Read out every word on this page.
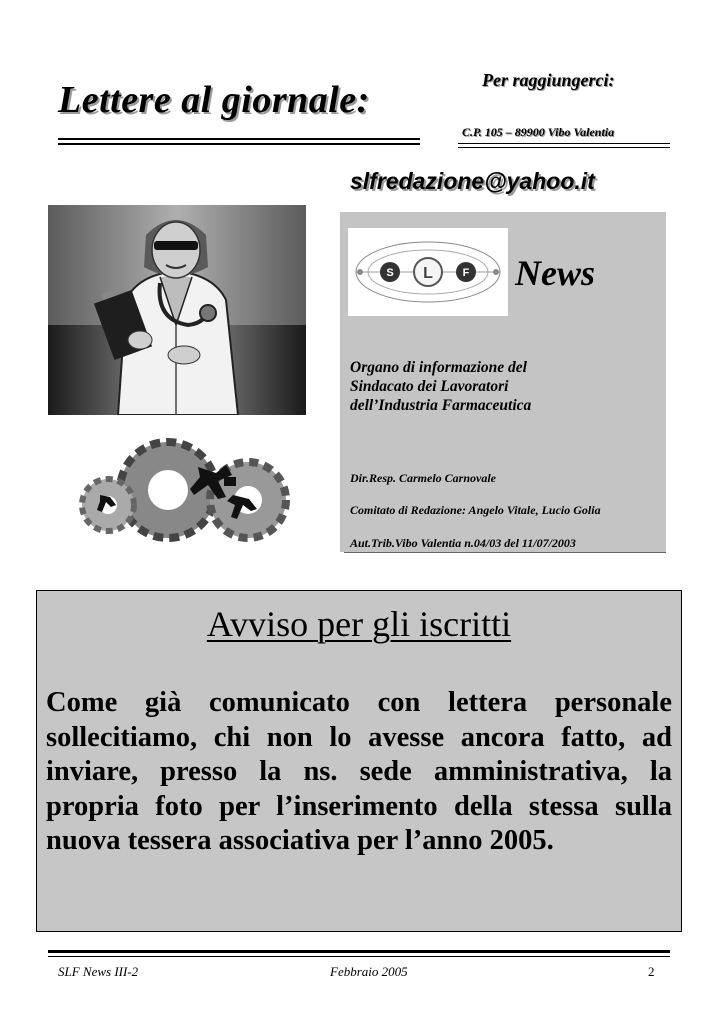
Lettere al giornale:	Per raggiungerci:
C.P. 105 – 89900 Vibo Valentia
slfredazione@yahoo.it
S L	F News
Organo di informazione del
Sindacato dei Lavoratori
dell’Industria Farmaceutica
Dir.Resp. Carmelo Carnovale
Comitato di Redazione: Angelo Vitale, Lucio Golia
Aut.Trib.Vibo Valentia n.04/03 del 11/07/2003
Avviso per gli iscritti
Come già comunicato con lettera personale sollecitiamo, chi non lo avesse ancora fatto, ad inviare, presso la ns. sede amministrativa, la propria foto per l’inserimento della stessa sulla nuova tessera associativa per l’anno 2005.
SLF News III-2	Febbraio 2005	2
